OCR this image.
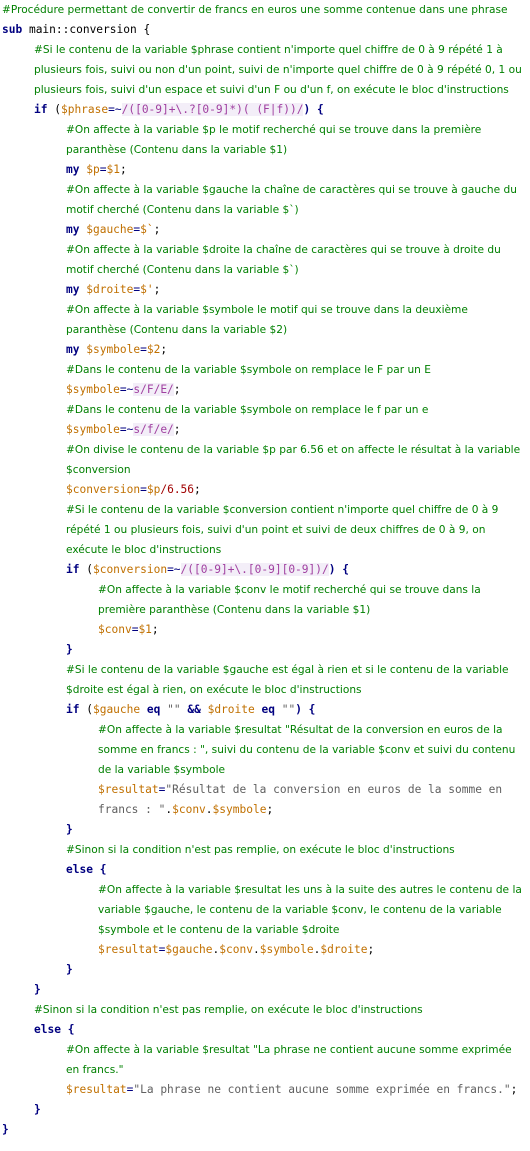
#Procédure permettant de convertir de francs en euros une somme contenue dans une phrase
sub main::conversion {
#Si le contenu de la variable $phrase contient n'importe quel chiffre de 0 à 9 répété 1 à plusieurs fois, suivi ou non d'un point, suivi de n'importe quel chiffre de 0 à 9 répété 0, 1 ou plusieurs fois, suivi d'un espace et suivi d'un F ou d'un f, on exécute le bloc d'instructions
if ($phrase=~/([0-9]+\.?[0-9]*)( (F|f))/) {
#On affecte à la variable $p le motif recherché qui se trouve dans la première paranthèse (Contenu dans la variable $1)
my $p=$1;
#On affecte à la variable $gauche la chaîne de caractères qui se trouve à gauche du motif cherché (Contenu dans la variable $`)
my $gauche=$`;
#On affecte à la variable $droite la chaîne de caractères qui se trouve à droite du motif cherché (Contenu dans la variable $`)
my $droite=$';
#On affecte à la variable $symbole le motif qui se trouve dans la deuxième paranthèse (Contenu dans la variable $2)
my $symbole=$2;
#Dans le contenu de la variable $symbole on remplace le F par un E
$symbole=~s/F/E/;
#Dans le contenu de la variable $symbole on remplace le f par un e
$symbole=~s/f/e/;
#On divise le contenu de la variable $p par 6.56 et on affecte le résultat à la variable $conversion
$conversion=$p/6.56;
#Si le contenu de la variable $conversion contient n'importe quel chiffre de 0 à 9 répété 1 ou plusieurs fois, suivi d'un point et suivi de deux chiffres de 0 à 9, on exécute le bloc d'instructions
if ($conversion=~/([0-9]+\.[0-9][0-9])/) {
#On affecte à la variable $conv le motif recherché qui se trouve dans la première paranthèse (Contenu dans la variable $1)
$conv=$1;
}
#Si le contenu de la variable $gauche est égal à rien et si le contenu de la variable $droite est égal à rien, on exécute le bloc d'instructions
if ($gauche eq "" && $droite eq "") {
#On affecte à la variable $resultat "Résultat de la conversion en euros de la somme en francs : ", suivi du contenu de la variable $conv et suivi du contenu de la variable $symbole
$resultat="Résultat de la conversion en euros de la somme en francs : ".$conv.$symbole;
}
#Sinon si la condition n'est pas remplie, on exécute le bloc d'instructions
else {
#On affecte à la variable $resultat les uns à la suite des autres le contenu de la variable $gauche, le contenu de la variable $conv, le contenu de la variable $symbole et le contenu de la variable $droite
$resultat=$gauche.$conv.$symbole.$droite;
}
}
#Sinon si la condition n'est pas remplie, on exécute le bloc d'instructions
else {
#On affecte à la variable $resultat "La phrase ne contient aucune somme exprimée en francs."
$resultat="La phrase ne contient aucune somme exprimée en francs.";
}
}
